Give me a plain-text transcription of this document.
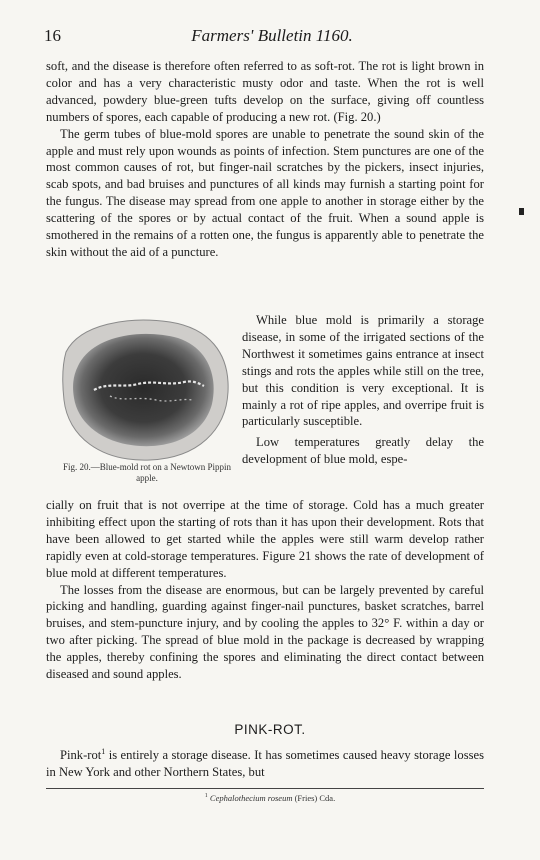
16	Farmers' Bulletin 1160.

soft, and the disease is therefore often referred to as soft-rot. The rot is light brown in color and has a very characteristic musty odor and taste. When the rot is well advanced, powdery blue-green tufts develop on the surface, giving off countless numbers of spores, each capable of producing a new rot. (Fig. 20.)

The germ tubes of blue-mold spores are unable to penetrate the sound skin of the apple and must rely upon wounds as points of infection. Stem punctures are one of the most common causes of rot, but finger-nail scratches by the pickers, insect injuries, scab spots, and bad bruises and punctures of all kinds may furnish a starting point for the fungus. The disease may spread from one apple to another in storage either by the scattering of the spores or by actual contact of the fruit. When a sound apple is smothered in the remains of a rotten one, the fungus is apparently able to penetrate the skin without the aid of a puncture.

Fig. 20.—Blue-mold rot on a Newtown Pippin apple.

While blue mold is primarily a storage disease, in some of the irrigated sections of the Northwest it sometimes gains entrance at insect stings and rots the apples while still on the tree, but this condition is very exceptional. It is mainly a rot of ripe apples, and overripe fruit is particularly susceptible.

Low temperatures greatly delay the development of blue mold, espe-

cially on fruit that is not overripe at the time of storage. Cold has a much greater inhibiting effect upon the starting of rots than it has upon their development. Rots that have been allowed to get started while the apples were still warm develop rather rapidly even at cold-storage temperatures. Figure 21 shows the rate of development of blue mold at different temperatures.

The losses from the disease are enormous, but can be largely prevented by careful picking and handling, guarding against finger-nail punctures, basket scratches, barrel bruises, and stem-puncture injury, and by cooling the apples to 32° F. within a day or two after picking. The spread of blue mold in the package is decreased by wrapping the apples, thereby confining the spores and eliminating the direct contact between diseased and sound apples.

PINK-ROT.

Pink-rot$^1$ is entirely a storage disease. It has sometimes caused heavy storage losses in New York and other Northern States, but

$^1$ Cephalothecium roseum (Fries) Cda.
